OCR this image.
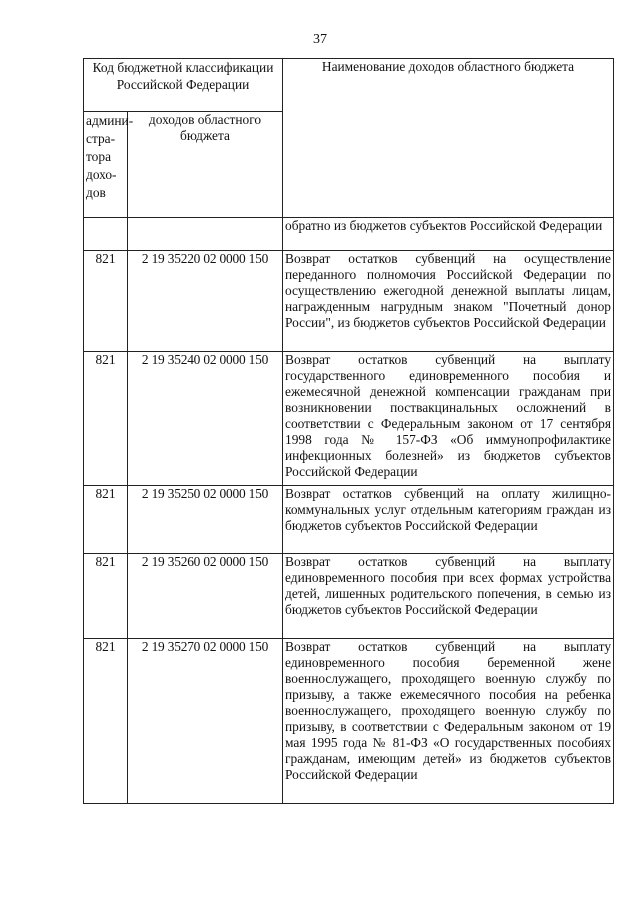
37
Код бюджетной классификации Российской Федерации		Наименование доходов областного бюджета
админи-стра-тора дохо-дов	доходов областного бюджета	
		обратно из бюджетов субъектов Российской Федерации
821	2 19 35220 02 0000 150	Возврат остатков субвенций на осуществление переданного полномочия Российской Федерации по осуществлению ежегодной денежной выплаты лицам, награжденным нагрудным знаком "Почетный донор России", из бюджетов субъектов Российской Федерации
821	2 19 35240 02 0000 150	Возврат остатков субвенций на выплату государственного единовременного пособия и ежемесячной денежной компенсации гражданам при возникновении поствакцинальных осложнений в соответствии с Федеральным законом от 17 сентября 1998 года № 157-ФЗ «Об иммунопрофилактике инфекционных болезней» из бюджетов субъектов Российской Федерации
821	2 19 35250 02 0000 150	Возврат остатков субвенций на оплату жилищно-коммунальных услуг отдельным категориям граждан из бюджетов субъектов Российской Федерации
821	2 19 35260 02 0000 150	Возврат остатков субвенций на выплату единовременного пособия при всех формах устройства детей, лишенных родительского попечения, в семью из бюджетов субъектов Российской Федерации
821	2 19 35270 02 0000 150	Возврат остатков субвенций на выплату единовременного пособия беременной жене военнослужащего, проходящего военную службу по призыву, а также ежемесячного пособия на ребенка военнослужащего, проходящего военную службу по призыву, в соответствии с Федеральным законом от 19 мая 1995 года № 81-ФЗ «О государственных пособиях гражданам, имеющим детей» из бюджетов субъектов Российской Федерации
